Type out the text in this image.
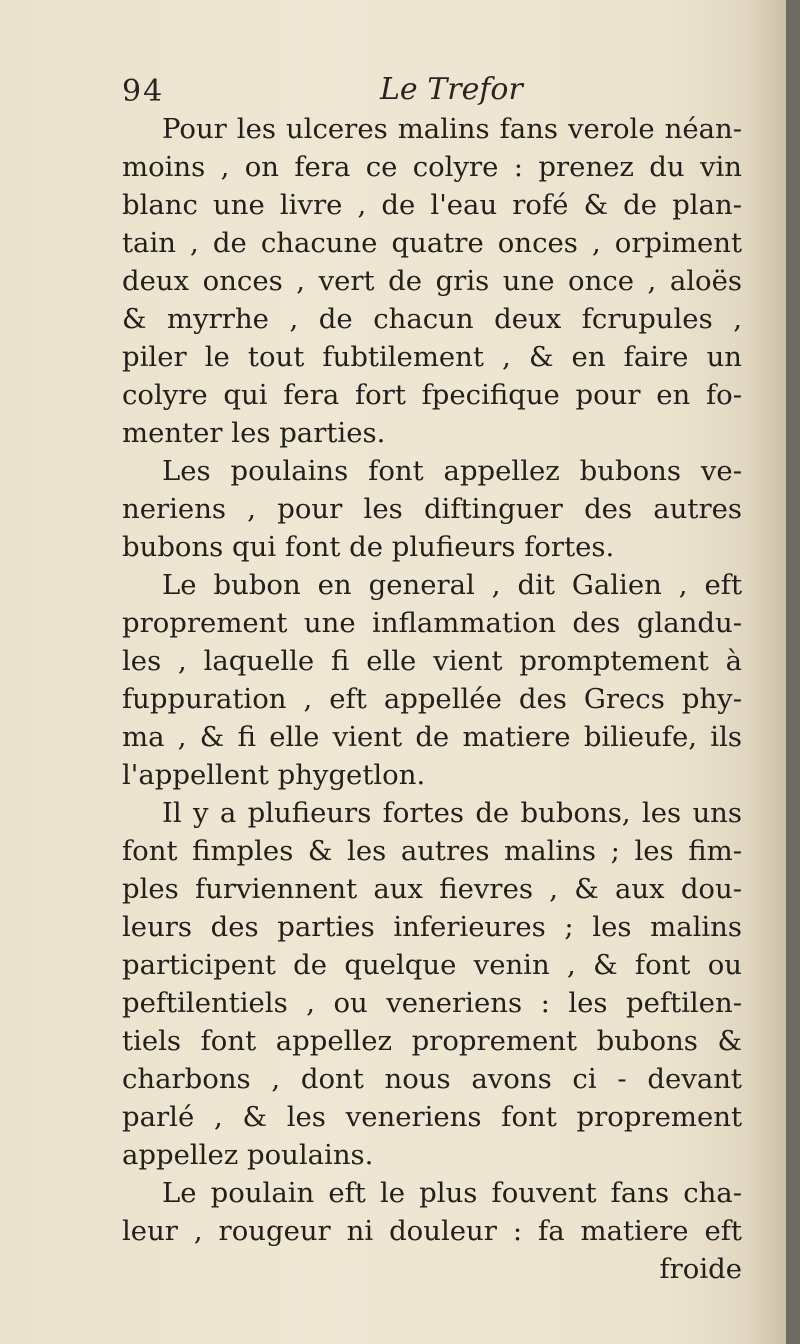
94	Le Trefor
Pour les ulceres malins fans verole néan-
moins , on fera ce colyre : prenez du vin
blanc une livre , de l'eau rofé & de plan-
tain , de chacune quatre onces , orpiment
deux onces , vert de gris une once , aloës
& myrrhe , de chacun deux fcrupules ,
piler le tout fubtilement , & en faire un
colyre qui fera fort fpecifique pour en fo-
menter les parties.
Les poulains font appellez bubons ve-
neriens , pour les diftinguer des autres
bubons qui font de plufieurs fortes.
Le bubon en general , dit Galien , eft
proprement une inflammation des glandu-
les , laquelle fi elle vient promptement à
fuppuration , eft appellée des Grecs phy-
ma , & fi elle vient de matiere bilieufe, ils
l'appellent phygetlon.
Il y a plufieurs fortes de bubons, les uns
font fimples & les autres malins ; les fim-
ples furviennent aux fievres , & aux dou-
leurs des parties inferieures ; les malins
participent de quelque venin , & font ou
peftilentiels , ou veneriens : les peftilen-
tiels font appellez proprement bubons &
charbons , dont nous avons ci - devant
parlé , & les veneriens font proprement
appellez poulains.
Le poulain eft le plus fouvent fans cha-
leur , rougeur ni douleur : fa matiere eft
froide
